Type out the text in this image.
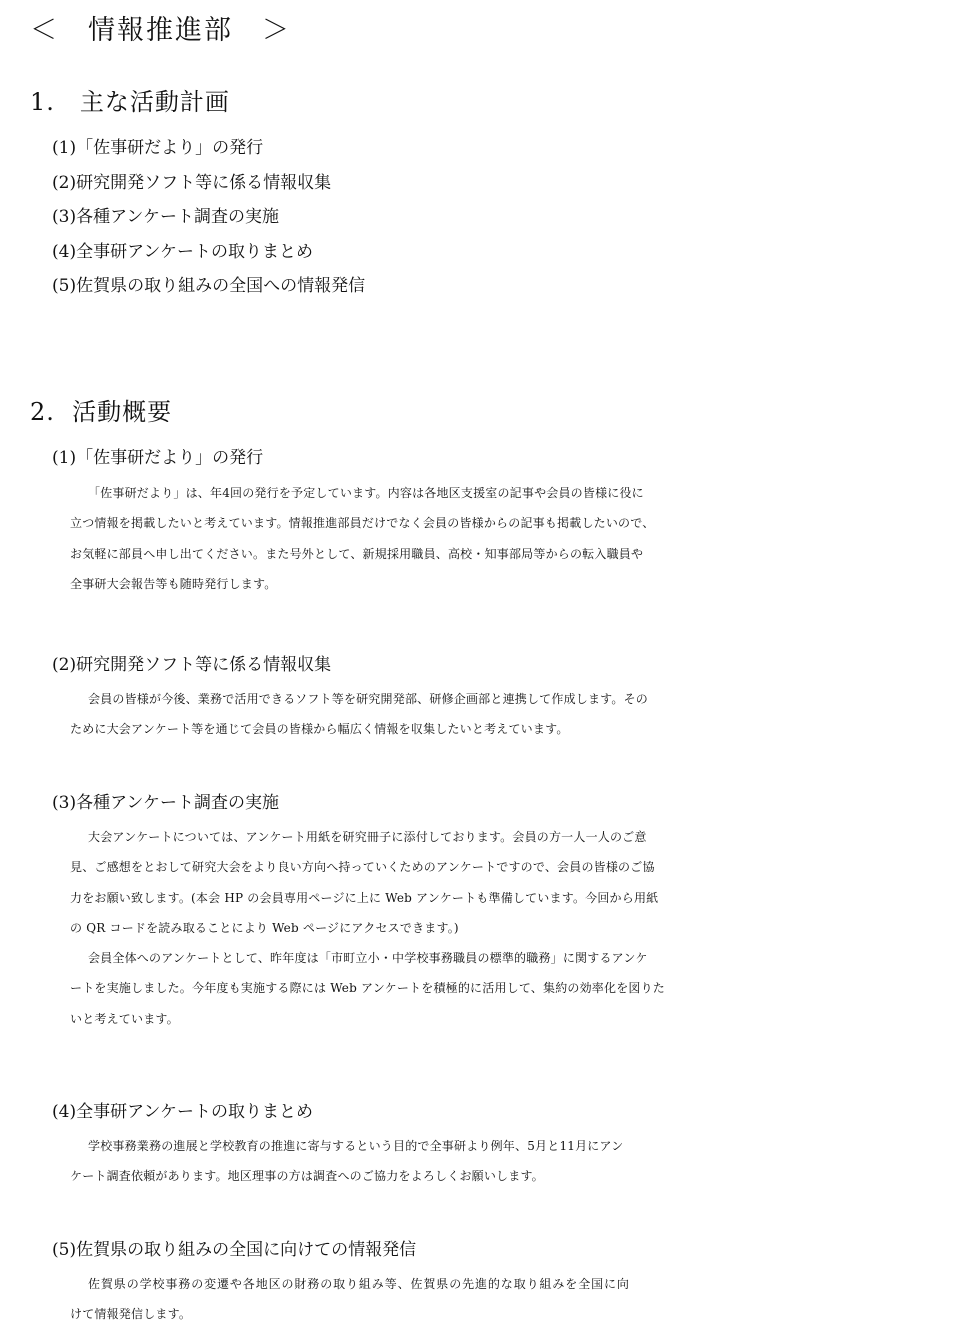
＜　情報推進部　＞
1.　主な活動計画
(1)「佐事研だより」の発行
(2)研究開発ソフト等に係る情報収集
(3)各種アンケート調査の実施
(4)全事研アンケートの取りまとめ
(5)佐賀県の取り組みの全国への情報発信
2.  活動概要
(1)「佐事研だより」の発行
「佐事研だより」は、年4回の発行を予定しています。内容は各地区支援室の記事や会員の皆様に役に
立つ情報を掲載したいと考えています。情報推進部員だけでなく会員の皆様からの記事も掲載したいので、
お気軽に部員へ申し出てください。また号外として、新規採用職員、高校・知事部局等からの転入職員や
全事研大会報告等も随時発行します。
(2)研究開発ソフト等に係る情報収集
会員の皆様が今後、業務で活用できるソフト等を研究開発部、研修企画部と連携して作成します。その
ために大会アンケート等を通じて会員の皆様から幅広く情報を収集したいと考えています。
(3)各種アンケート調査の実施
大会アンケートについては、アンケート用紙を研究冊子に添付しております。会員の方一人一人のご意
見、ご感想をとおして研究大会をより良い方向へ持っていくためのアンケートですので、会員の皆様のご協
力をお願い致します。(本会 HP の会員専用ページに上に Web アンケートも準備しています。今回から用紙
の QR コードを読み取ることにより Web ページにアクセスできます。)
会員全体へのアンケートとして、昨年度は「市町立小・中学校事務職員の標準的職務」に関するアンケ
ートを実施しました。今年度も実施する際には Web アンケートを積極的に活用して、集約の効率化を図りた
いと考えています。
(4)全事研アンケートの取りまとめ
学校事務業務の進展と学校教育の推進に寄与するという目的で全事研より例年、5月と11月にアン
ケート調査依頼があります。地区理事の方は調査へのご協力をよろしくお願いします。
(5)佐賀県の取り組みの全国に向けての情報発信
佐賀県の学校事務の変遷や各地区の財務の取り組み等、佐賀県の先進的な取り組みを全国に向
けて情報発信します。
